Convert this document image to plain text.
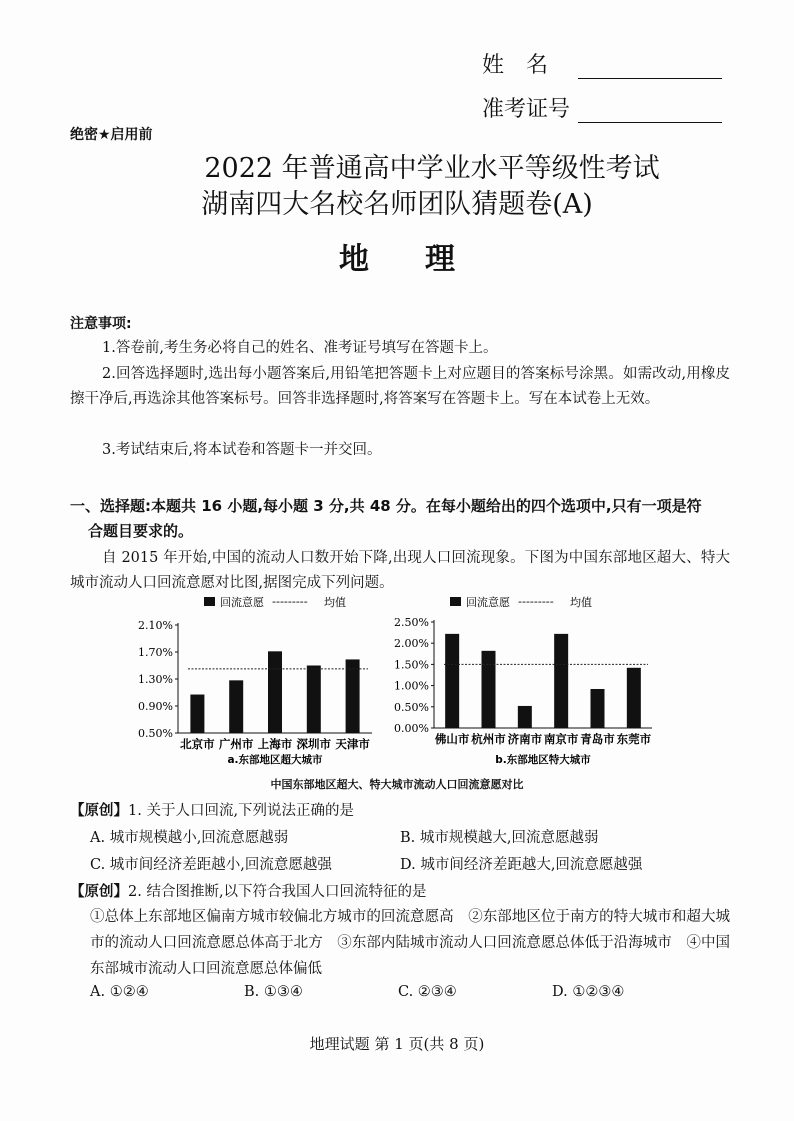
姓　名
准考证号
绝密★启用前
2022 年普通高中学业水平等级性考试
湖南四大名校名师团队猜题卷(A)
地理
注意事项:
1.答卷前,考生务必将自己的姓名、准考证号填写在答题卡上。
2.回答选择题时,选出每小题答案后,用铅笔把答题卡上对应题目的答案标号涂黑。如需改动,用橡皮擦干净后,再选涂其他答案标号。回答非选择题时,将答案写在答题卡上。写在本试卷上无效。
3.考试结束后,将本试卷和答题卡一并交回。
一、选择题:本题共 16 小题,每小题 3 分,共 48 分。在每小题给出的四个选项中,只有一项是符
合题目要求的。
自 2015 年开始,中国的流动人口数开始下降,出现人口回流现象。下图为中国东部地区超大、特大城市流动人口回流意愿对比图,据图完成下列问题。
0.50%
0.90%
1.30%
1.70%
2.10%
北京市 广州市 上海市 深圳市 天津市
回流意愿 --------- 均值
a.东部地区超大城市
0.00%
0.50%
1.00%
1.50%
2.00%
2.50%
佛山市 杭州市 济南市 南京市 青岛市 东莞市
回流意愿 --------- 均值
b.东部地区特大城市
中国东部地区超大、特大城市流动人口回流意愿对比
【原创】1. 关于人口回流,下列说法正确的是
A. 城市规模越小,回流意愿越弱	B. 城市规模越大,回流意愿越弱
C. 城市间经济差距越小,回流意愿越强	D. 城市间经济差距越大,回流意愿越强
【原创】2. 结合图推断,以下符合我国人口回流特征的是
①总体上东部地区偏南方城市较偏北方城市的回流意愿高　②东部地区位于南方的特大城市和超大城市的流动人口回流意愿总体高于北方　③东部内陆城市流动人口回流意愿总体低于沿海城市　④中国东部城市流动人口回流意愿总体偏低
A. ①②④	B. ①③④	C. ②③④	D. ①②③④
地理试题 第 1 页(共 8 页)
